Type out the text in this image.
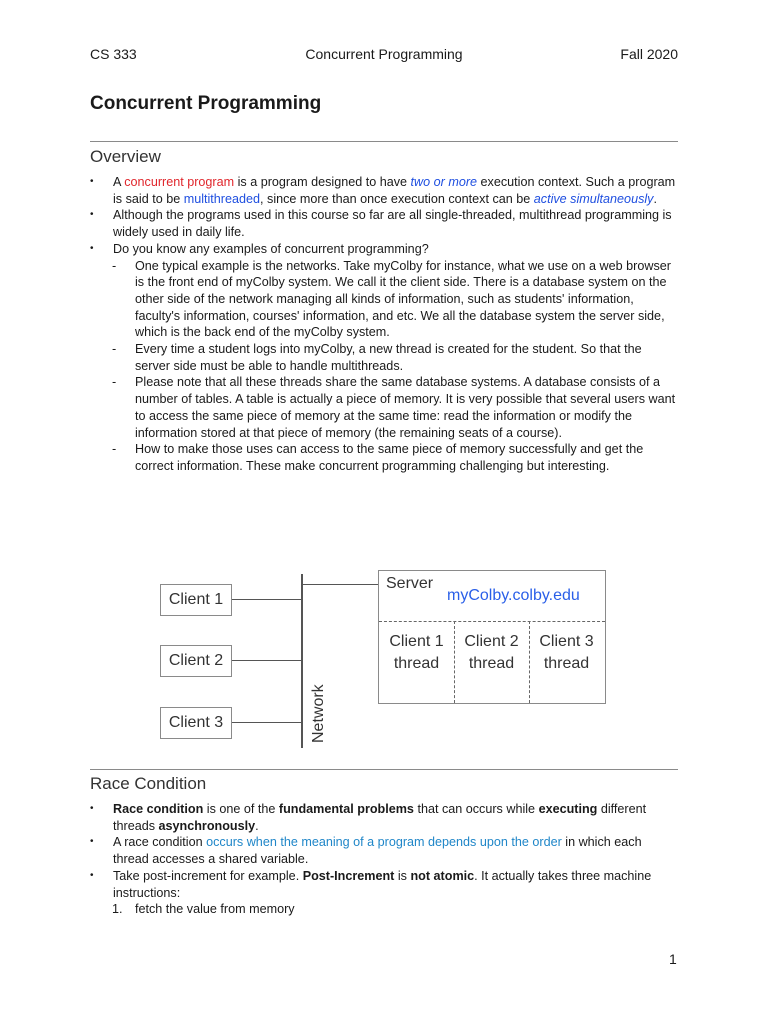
CS 333	Concurrent Programming	Fall 2020
Concurrent Programming
Overview
• A concurrent program is a program designed to have two or more execution context. Such a program is said to be multithreaded, since more than once execution context can be active simultaneously.
• Although the programs used in this course so far are all single-threaded, multithread programming is widely used in daily life.
• Do you know any examples of concurrent programming?
- One typical example is the networks. Take myColby for instance, what we use on a web browser is the front end of myColby system. We call it the client side. There is a database system on the other side of the network managing all kinds of information, such as students' information, faculty's information, courses' information, and etc. We all the database system the server side, which is the back end of the myColby system.
- Every time a student logs into myColby, a new thread is created for the student. So that the server side must be able to handle multithreads.
- Please note that all these threads share the same database systems. A database consists of a number of tables. A table is actually a piece of memory. It is very possible that several users want to access the same piece of memory at the same time: read the information or modify the information stored at that piece of memory (the remaining seats of a course).
- How to make those uses can access to the same piece of memory successfully and get the correct information. These make concurrent programming challenging but interesting.
Client 1
Client 2
Client 3	Network
Server
myColby.colby.edu
Client 1
thread
Client 2
thread
Client 3
thread
Race Condition
• Race condition is one of the fundamental problems that can occurs while executing different threads asynchronously.
• A race condition occurs when the meaning of a program depends upon the order in which each thread accesses a shared variable.
• Take post-increment for example. Post-Increment is not atomic. It actually takes three machine instructions:
1. fetch the value from memory
1
